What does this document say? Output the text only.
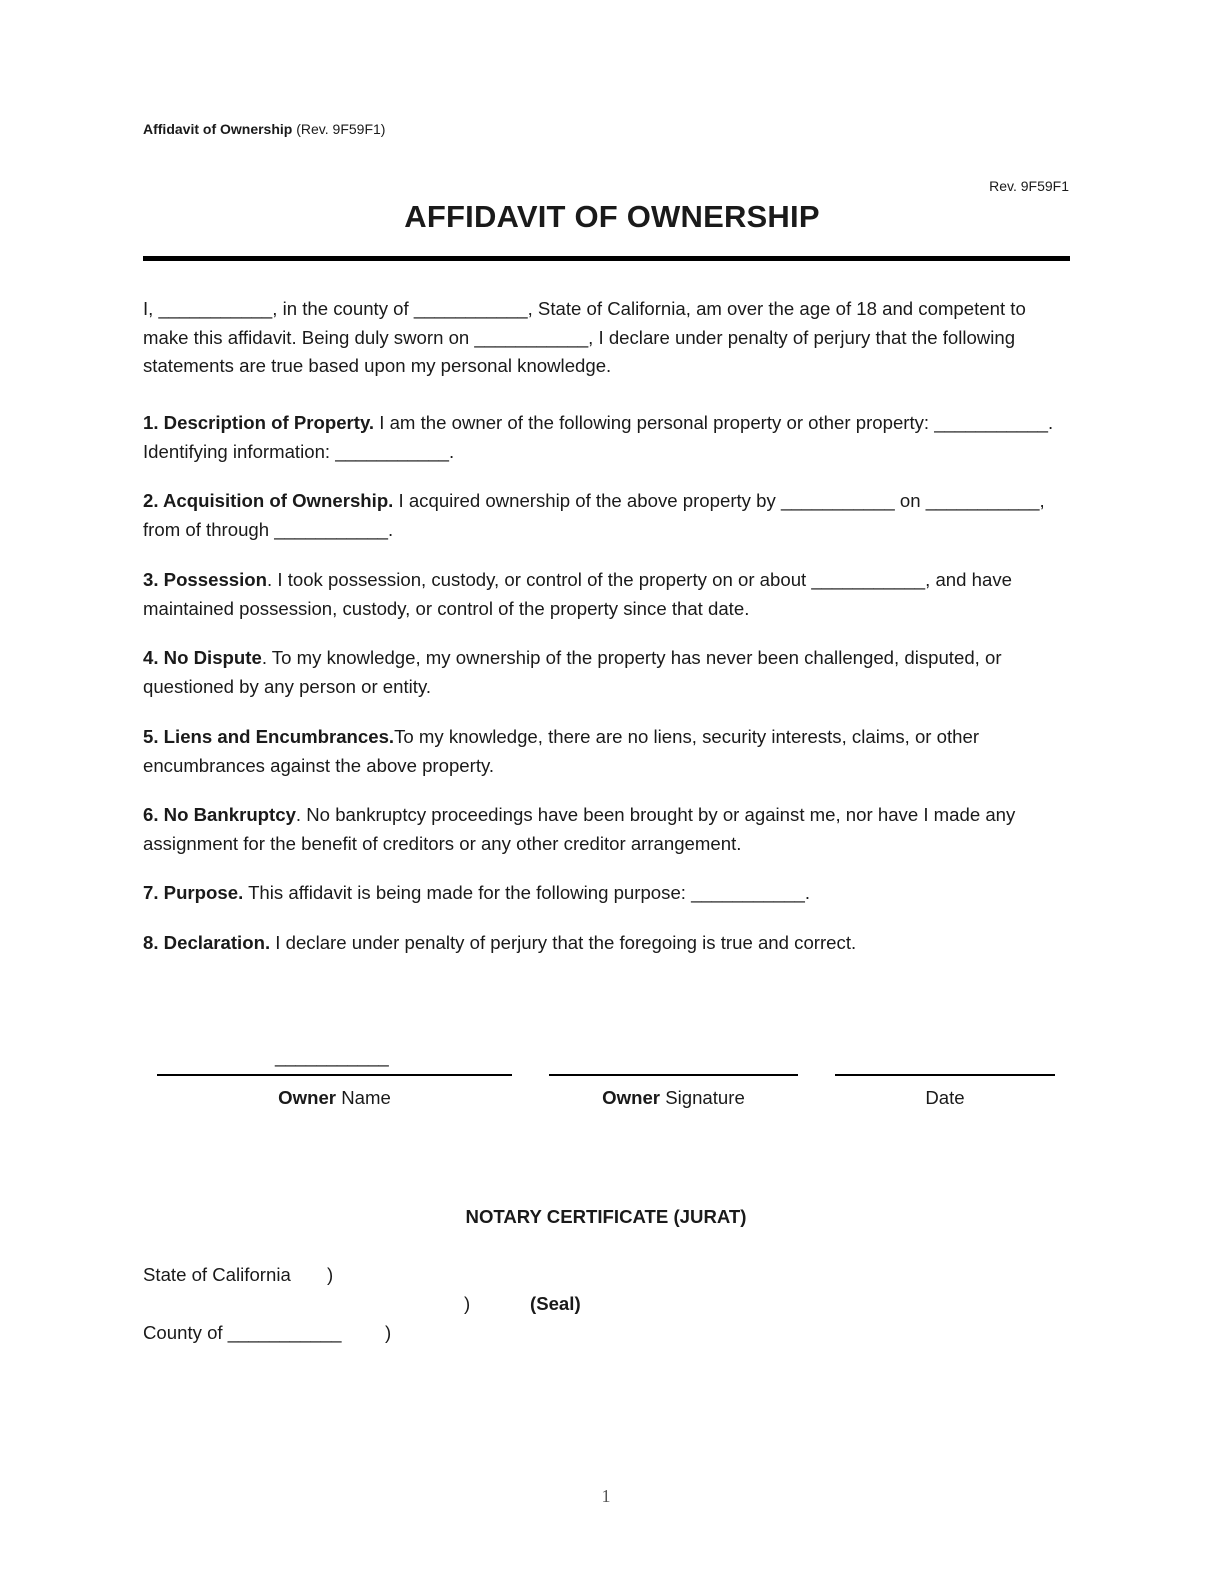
Affidavit of Ownership (Rev. 9F59F1)
Rev. 9F59F1
AFFIDAVIT OF OWNERSHIP
I, ___________, in the county of ___________, State of California, am over the age of 18 and competent to make this affidavit. Being duly sworn on ___________, I declare under penalty of perjury that the following statements are true based upon my personal knowledge.
1. Description of Property. I am the owner of the following personal property or other property: ___________. Identifying information: ___________.
2. Acquisition of Ownership. I acquired ownership of the above property by ___________ on ___________, from of through ___________.
3. Possession. I took possession, custody, or control of the property on or about ___________, and have maintained possession, custody, or control of the property since that date.
4. No Dispute. To my knowledge, my ownership of the property has never been challenged, disputed, or questioned by any person or entity.
5. Liens and Encumbrances.To my knowledge, there are no liens, security interests, claims, or other encumbrances against the above property.
6. No Bankruptcy. No bankruptcy proceedings have been brought by or against me, nor have I made any assignment for the benefit of creditors or any other creditor arrangement.
7. Purpose. This affidavit is being made for the following purpose: ___________.
8. Declaration. I declare under penalty of perjury that the foregoing is true and correct.
___________
Owner Name	Owner Signature	Date
NOTARY CERTIFICATE (JURAT)
State of California )
)	(Seal)
County of ___________ )
1
